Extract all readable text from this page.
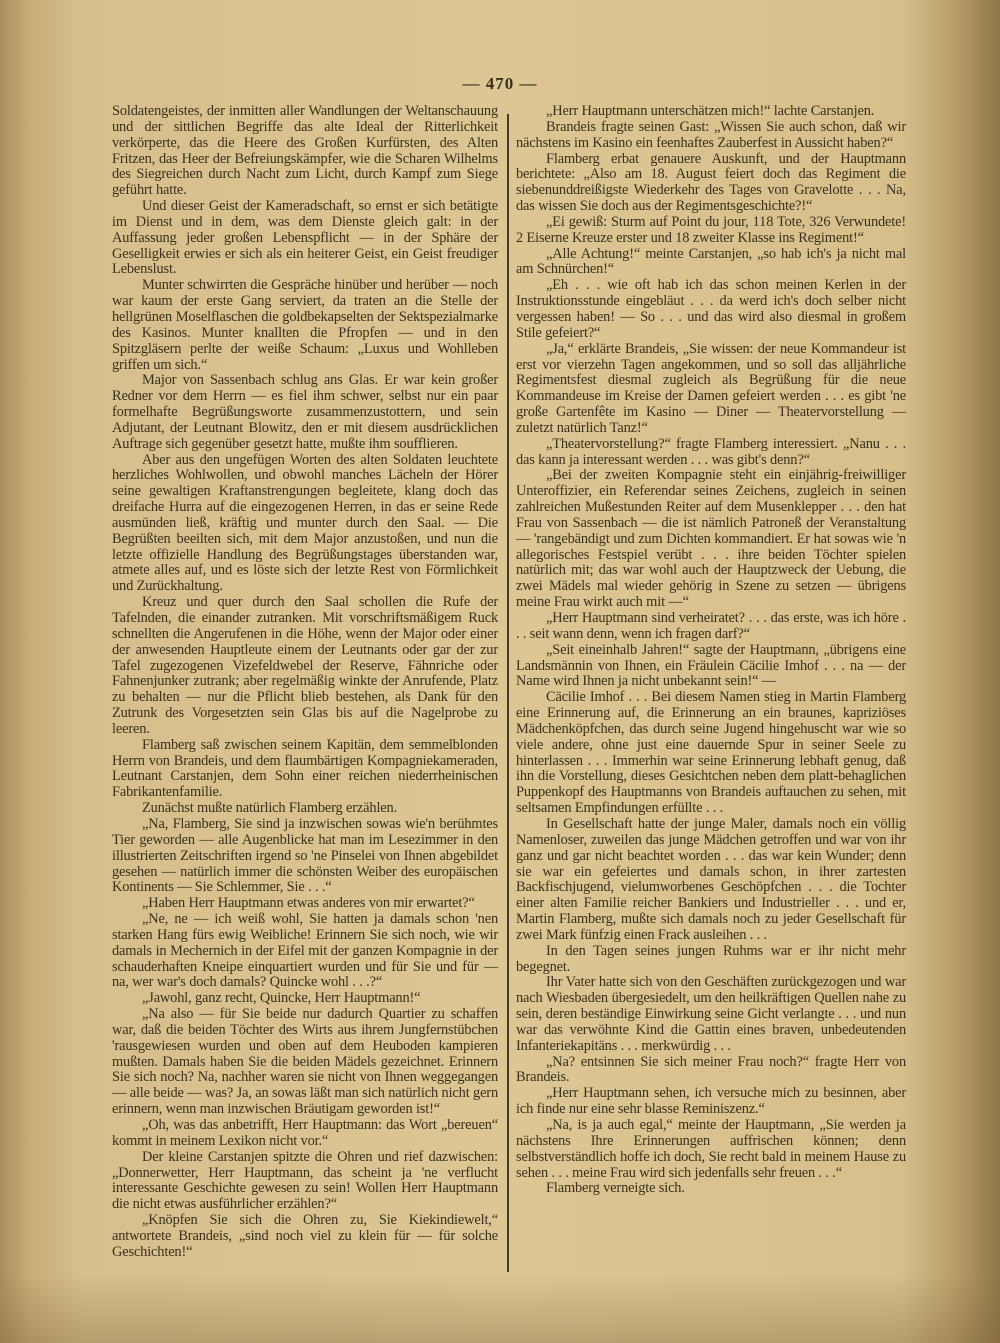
— 470 —

Soldatengeistes, der inmitten aller Wandlungen der Weltanschauung und der sittlichen Begriffe das alte Ideal der Ritterlichkeit verkörperte, das die Heere des Großen Kurfürsten, des Alten Fritzen, das Heer der Befreiungskämpfer, wie die Scharen Wilhelms des Siegreichen durch Nacht zum Licht, durch Kampf zum Siege geführt hatte.

Und dieser Geist der Kameradschaft, so ernst er sich betätigte im Dienst und in dem, was dem Dienste gleich galt: in der Auffassung jeder großen Lebenspflicht — in der Sphäre der Geselligkeit erwies er sich als ein heiterer Geist, ein Geist freudiger Lebenslust.

Munter schwirrten die Gespräche hinüber und herüber — noch war kaum der erste Gang serviert, da traten an die Stelle der hellgrünen Moselflaschen die goldbekapselten der Sektspezialmarke des Kasinos. Munter knallten die Pfropfen — und in den Spitzgläsern perlte der weiße Schaum: „Luxus und Wohlleben griffen um sich.“

Major von Sassenbach schlug ans Glas. Er war kein großer Redner vor dem Herrn — es fiel ihm schwer, selbst nur ein paar formelhafte Begrüßungsworte zusammenzustottern, und sein Adjutant, der Leutnant Blowitz, den er mit diesem ausdrücklichen Auftrage sich gegenüber gesetzt hatte, mußte ihm soufflieren.

Aber aus den ungefügen Worten des alten Soldaten leuchtete herzliches Wohlwollen, und obwohl manches Lächeln der Hörer seine gewaltigen Kraftanstrengungen begleitete, klang doch das dreifache Hurra auf die eingezogenen Herren, in das er seine Rede ausmünden ließ, kräftig und munter durch den Saal. — Die Begrüßten beeilten sich, mit dem Major anzustoßen, und nun die letzte offizielle Handlung des Begrüßungstages überstanden war, atmete alles auf, und es löste sich der letzte Rest von Förmlichkeit und Zurückhaltung.

Kreuz und quer durch den Saal schollen die Rufe der Tafelnden, die einander zutranken. Mit vorschriftsmäßigem Ruck schnellten die Angerufenen in die Höhe, wenn der Major oder einer der anwesenden Hauptleute einem der Leutnants oder gar der zur Tafel zugezogenen Vizefeldwebel der Reserve, Fähnriche oder Fahnenjunker zutrank; aber regelmäßig winkte der Anrufende, Platz zu behalten — nur die Pflicht blieb bestehen, als Dank für den Zutrunk des Vorgesetzten sein Glas bis auf die Nagelprobe zu leeren.

Flamberg saß zwischen seinem Kapitän, dem semmelblonden Herrn von Brandeis, und dem flaumbärtigen Kompagniekameraden, Leutnant Carstanjen, dem Sohn einer reichen niederrheinischen Fabrikantenfamilie.

Zunächst mußte natürlich Flamberg erzählen.

„Na, Flamberg, Sie sind ja inzwischen sowas wie'n berühmtes Tier geworden — alle Augenblicke hat man im Lesezimmer in den illustrierten Zeitschriften irgend so 'ne Pinselei von Ihnen abgebildet gesehen — natürlich immer die schönsten Weiber des europäischen Kontinents — Sie Schlemmer, Sie . . .“

„Haben Herr Hauptmann etwas anderes von mir erwartet?“

„Ne, ne — ich weiß wohl, Sie hatten ja damals schon 'nen starken Hang fürs ewig Weibliche! Erinnern Sie sich noch, wie wir damals in Mechernich in der Eifel mit der ganzen Kompagnie in der schauderhaften Kneipe einquartiert wurden und für Sie und für — na, wer war's doch damals? Quincke wohl . . .?“

„Jawohl, ganz recht, Quincke, Herr Hauptmann!“

„Na also — für Sie beide nur dadurch Quartier zu schaffen war, daß die beiden Töchter des Wirts aus ihrem Jungfernstübchen 'rausgewiesen wurden und oben auf dem Heuboden kampieren mußten. Damals haben Sie die beiden Mädels gezeichnet. Erinnern Sie sich noch? Na, nachher waren sie nicht von Ihnen weggegangen — alle beide — was? Ja, an sowas läßt man sich natürlich nicht gern erinnern, wenn man inzwischen Bräutigam geworden ist!“

„Oh, was das anbetrifft, Herr Hauptmann: das Wort „bereuen“ kommt in meinem Lexikon nicht vor.“

Der kleine Carstanjen spitzte die Ohren und rief dazwischen: „Donnerwetter, Herr Hauptmann, das scheint ja 'ne verflucht interessante Geschichte gewesen zu sein! Wollen Herr Hauptmann die nicht etwas ausführlicher erzählen?“

„Knöpfen Sie sich die Ohren zu, Sie Kiekindiewelt,“ antwortete Brandeis, „sind noch viel zu klein für — für solche Geschichten!“

„Herr Hauptmann unterschätzen mich!“ lachte Carstanjen.

Brandeis fragte seinen Gast: „Wissen Sie auch schon, daß wir nächstens im Kasino ein feenhaftes Zauberfest in Aussicht haben?“

Flamberg erbat genauere Auskunft, und der Hauptmann berichtete: „Also am 18. August feiert doch das Regiment die siebenunddreißigste Wiederkehr des Tages von Gravelotte . . . Na, das wissen Sie doch aus der Regimentsgeschichte?!“

„Ei gewiß: Sturm auf Point du jour, 118 Tote, 326 Verwundete! 2 Eiserne Kreuze erster und 18 zweiter Klasse ins Regiment!“

„Alle Achtung!“ meinte Carstanjen, „so hab ich's ja nicht mal am Schnürchen!“

„Eh . . . wie oft hab ich das schon meinen Kerlen in der Instruktionsstunde eingebläut . . . da werd ich's doch selber nicht vergessen haben! — So . . . und das wird also diesmal in großem Stile gefeiert?“

„Ja,“ erklärte Brandeis, „Sie wissen: der neue Kommandeur ist erst vor vierzehn Tagen angekommen, und so soll das alljährliche Regimentsfest diesmal zugleich als Begrüßung für die neue Kommandeuse im Kreise der Damen gefeiert werden . . . es gibt 'ne große Gartenfête im Kasino — Diner — Theatervorstellung — zuletzt natürlich Tanz!“

„Theatervorstellung?“ fragte Flamberg interessiert. „Nanu . . . das kann ja interessant werden . . . was gibt's denn?“

„Bei der zweiten Kompagnie steht ein einjährig-freiwilliger Unteroffizier, ein Referendar seines Zeichens, zugleich in seinen zahlreichen Mußestunden Reiter auf dem Musenklepper . . . den hat Frau von Sassenbach — die ist nämlich Patroneß der Veranstaltung — 'rangebändigt und zum Dichten kommandiert. Er hat sowas wie 'n allegorisches Festspiel verübt . . . ihre beiden Töchter spielen natürlich mit; das war wohl auch der Hauptzweck der Uebung, die zwei Mädels mal wieder gehörig in Szene zu setzen — übrigens meine Frau wirkt auch mit —“

„Herr Hauptmann sind verheiratet? . . . das erste, was ich höre . . . seit wann denn, wenn ich fragen darf?“

„Seit eineinhalb Jahren!“ sagte der Hauptmann, „übrigens eine Landsmännin von Ihnen, ein Fräulein Cäcilie Imhof . . . na — der Name wird Ihnen ja nicht unbekannt sein!“ —

Cäcilie Imhof . . . Bei diesem Namen stieg in Martin Flamberg eine Erinnerung auf, die Erinnerung an ein braunes, kapriziöses Mädchenköpfchen, das durch seine Jugend hingehuscht war wie so viele andere, ohne just eine dauernde Spur in seiner Seele zu hinterlassen . . . Immerhin war seine Erinnerung lebhaft genug, daß ihn die Vorstellung, dieses Gesichtchen neben dem platt-behaglichen Puppenkopf des Hauptmanns von Brandeis auftauchen zu sehen, mit seltsamen Empfindungen erfüllte . . .

In Gesellschaft hatte der junge Maler, damals noch ein völlig Namenloser, zuweilen das junge Mädchen getroffen und war von ihr ganz und gar nicht beachtet worden . . . das war kein Wunder; denn sie war ein gefeiertes und damals schon, in ihrer zartesten Backfischjugend, vielumworbenes Geschöpfchen . . . die Tochter einer alten Familie reicher Bankiers und Industrieller . . . und er, Martin Flamberg, mußte sich damals noch zu jeder Gesellschaft für zwei Mark fünfzig einen Frack ausleihen . . .

In den Tagen seines jungen Ruhms war er ihr nicht mehr begegnet.

Ihr Vater hatte sich von den Geschäften zurückgezogen und war nach Wiesbaden übergesiedelt, um den heilkräftigen Quellen nahe zu sein, deren beständige Einwirkung seine Gicht verlangte . . . und nun war das verwöhnte Kind die Gattin eines braven, unbedeutenden Infanteriekapitäns . . . merkwürdig . . .

„Na? entsinnen Sie sich meiner Frau noch?“ fragte Herr von Brandeis.

„Herr Hauptmann sehen, ich versuche mich zu besinnen, aber ich finde nur eine sehr blasse Reminiszenz.“

„Na, is ja auch egal,“ meinte der Hauptmann, „Sie werden ja nächstens Ihre Erinnerungen auffrischen können; denn selbstverständlich hoffe ich doch, Sie recht bald in meinem Hause zu sehen . . . meine Frau wird sich jedenfalls sehr freuen . . .“

Flamberg verneigte sich.
